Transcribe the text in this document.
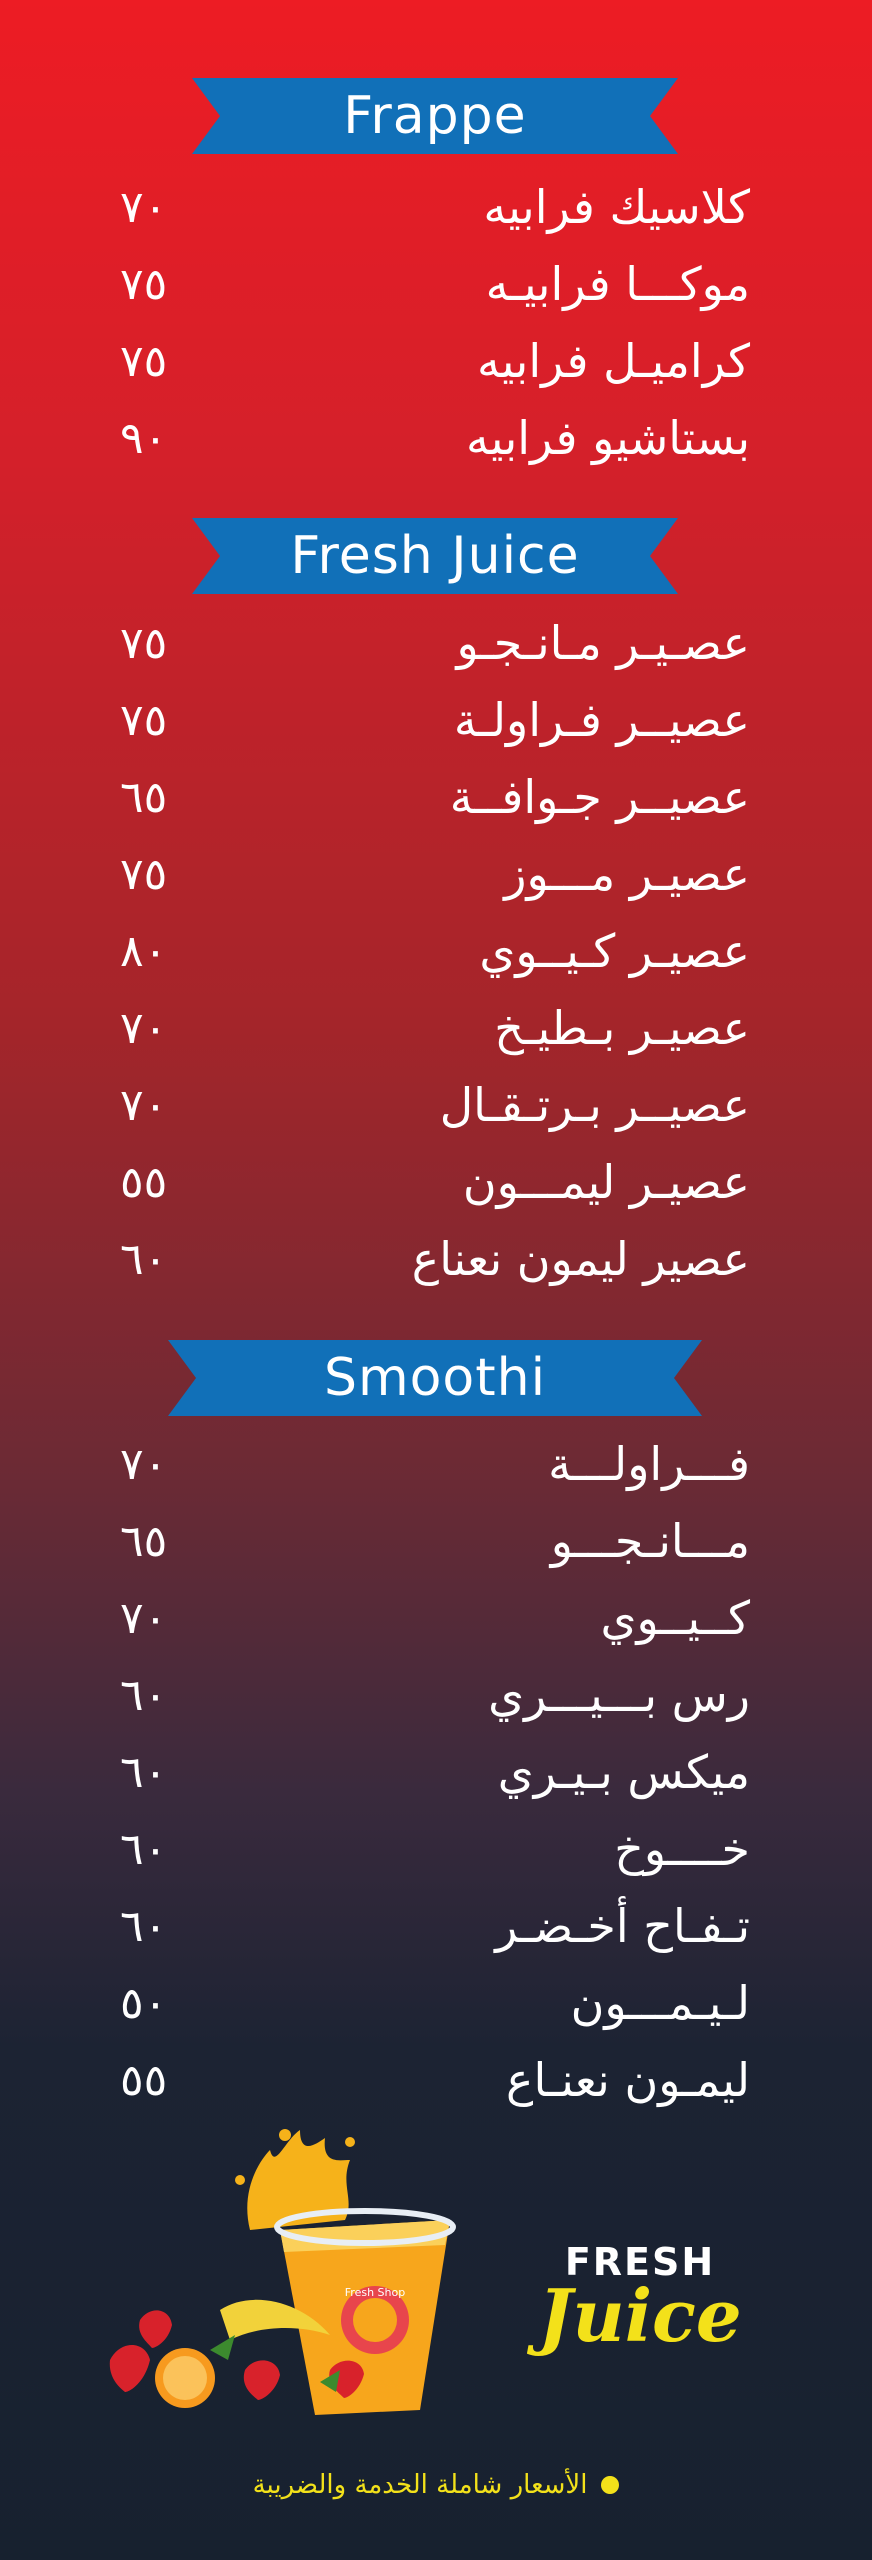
Frappe
٧٠	كلاسيك فرابيه
٧٥	موكـــا فرابيـه
٧٥	كراميـل فرابيه
٩٠	بستاشيو فرابيه
Fresh Juice
٧٥	عصـيـر مـانـجـو
٧٥	عصيــر فـراولـة
٦٥	عصيــر جـوافــة
٧٥	عصيـر مـــوز
٨٠	عصيـر كـيــوي
٧٠	عصيـر بـطيـخ
٧٠	عصيــر بـرتـقـال
٥٥	عصيـر ليمـــون
٦٠	عصير ليمون نعناع
Smoothi
٧٠	فـــراولـــة
٦٥	مـــانـجـــو
٧٠	كــيــوي
٦٠	رس بـــيـــري
٦٠	ميكس بـيـري
٦٠	خــــوخ
٦٠	تـفـاح أخـضـر
٥٠	لـيـمـــون
٥٥	ليمـون نعنـاع
Fresh Shop
FRESH
Juice
الأسعار شاملة الخدمة والضريبة
